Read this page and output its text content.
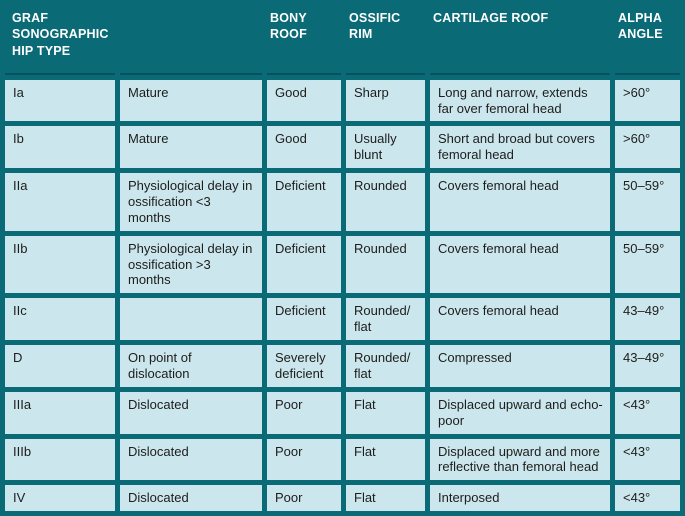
GRAF SONOGRAPHIC HIP TYPE		BONY ROOF	OSSIFIC RIM	CARTILAGE ROOF	ALPHA ANGLE
Ia	Mature	Good	Sharp	Long and narrow, extends far over femoral head	>60°
Ib	Mature	Good	Usually blunt	Short and broad but covers femoral head	>60°
IIa	Physiological delay in ossification <3 months	Deficient	Rounded	Covers femoral head	50–59°
IIb	Physiological delay in ossification >3 months	Deficient	Rounded	Covers femoral head	50–59°
IIc		Deficient	Rounded/ flat	Covers femoral head	43–49°
D	On point of dislocation	Severely deficient	Rounded/ flat	Compressed	43–49°
IIIa	Dislocated	Poor	Flat	Displaced upward and echo-poor	<43°
IIIb	Dislocated	Poor	Flat	Displaced upward and more reflective than femoral head	<43°
IV	Dislocated	Poor	Flat	Interposed	<43°
